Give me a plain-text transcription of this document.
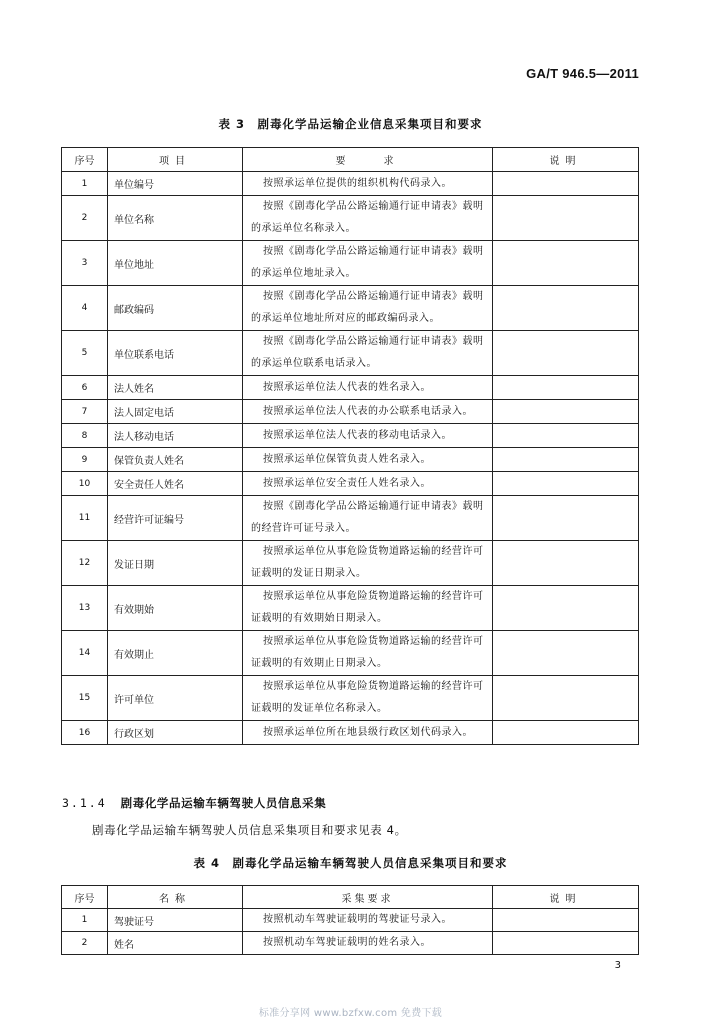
GA/T 946.5—2011
表 3　剧毒化学品运输企业信息采集项目和要求
序号	项目	要　　求	说明
1	单位编号	按照承运单位提供的组织机构代码录入。	
2	单位名称	按照《剧毒化学品公路运输通行证申请表》载明的承运单位名称录入。	
3	单位地址	按照《剧毒化学品公路运输通行证申请表》载明的承运单位地址录入。	
4	邮政编码	按照《剧毒化学品公路运输通行证申请表》载明的承运单位地址所对应的邮政编码录入。	
5	单位联系电话	按照《剧毒化学品公路运输通行证申请表》载明的承运单位联系电话录入。	
6	法人姓名	按照承运单位法人代表的姓名录入。	
7	法人固定电话	按照承运单位法人代表的办公联系电话录入。	
8	法人移动电话	按照承运单位法人代表的移动电话录入。	
9	保管负责人姓名	按照承运单位保管负责人姓名录入。	
10	安全责任人姓名	按照承运单位安全责任人姓名录入。	
11	经营许可证编号	按照《剧毒化学品公路运输通行证申请表》载明的经营许可证号录入。	
12	发证日期	按照承运单位从事危险货物道路运输的经营许可证载明的发证日期录入。	
13	有效期始	按照承运单位从事危险货物道路运输的经营许可证载明的有效期始日期录入。	
14	有效期止	按照承运单位从事危险货物道路运输的经营许可证载明的有效期止日期录入。	
15	许可单位	按照承运单位从事危险货物道路运输的经营许可证载明的发证单位名称录入。	
16	行政区划	按照承运单位所在地县级行政区划代码录入。	
3.1.4 剧毒化学品运输车辆驾驶人员信息采集
剧毒化学品运输车辆驾驶人员信息采集项目和要求见表 4。
表 4　剧毒化学品运输车辆驾驶人员信息采集项目和要求
序号	名称	采集要求	说明
1	驾驶证号	按照机动车驾驶证载明的驾驶证号录入。	
2	姓名	按照机动车驾驶证载明的姓名录入。	
3
标准分享网 www.bzfxw.com 免费下载
